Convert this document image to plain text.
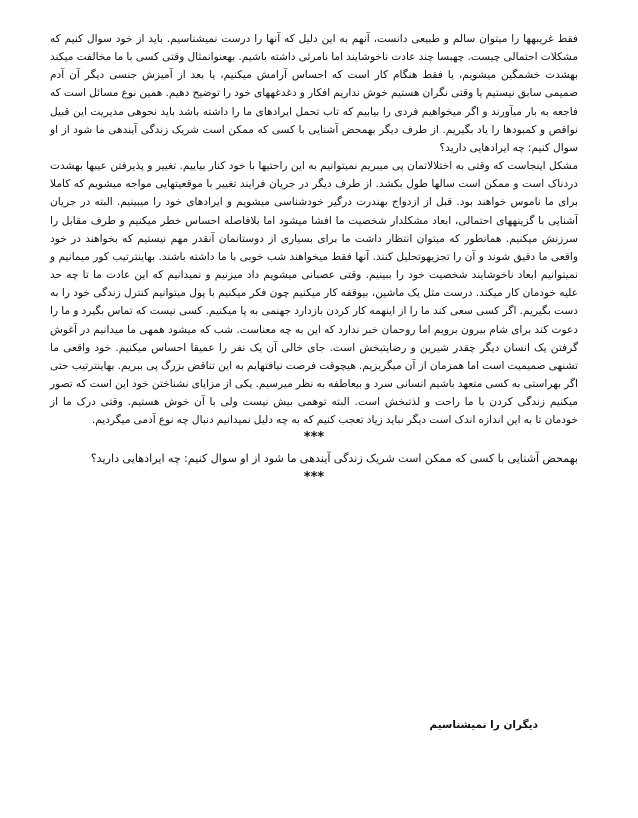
فقط غریبهها را میتوان سالم و طبیعی دانست، آنهم به این دلیل که آنها را درست نمیشناسیم. باید از خود سوال کنیم که مشکلات احتمالی چیست. چهبسا چند عادت ناخوشایند اما نامرئی داشته باشیم. بهعنوانمثال وقتی کسی با ما مخالفت میکند بهشدت خشمگین میشویم، یا فقط هنگام کار است که احساس آرامش میکنیم، یا بعد از آمیزش جنسی دیگر آن آدم صمیمی سابق نیستیم یا وقتی نگران هستیم خوش نداریم افکار و دغدغههای خود را توضیح دهیم. همین نوع مسائل است که فاجعه به بار میآورند و اگر میخواهیم فردی را بیابیم که تاب تحمل ایرادهای ما را داشته باشد باید نحوهی مدیریت این قبیل نواقص و کمبودها را یاد بگیریم. از طرف دیگر بهمحض آشنایی با کسی که ممکن است شریک زندگی آیندهی ما شود از او سوال کنیم: چه ایرادهایی دارید؟

مشکل اینجاست که وقتی به اختلالاتمان پی میبریم نمیتوانیم به این راحتیها با خود کنار بیاییم. تغییر و پذیرفتن عیبها بهشدت دردناک است و ممکن است سالها طول بکشد. از طرف دیگر در جریان فرایند تغییر با موقعیتهایی مواجه میشویم که کاملا برای ما ناموس خواهند بود. قبل از ازدواج بهندرت درگیر خودشناسی میشویم و ایرادهای خود را میبینیم. البته در جریان آشنایی با گزینههای احتمالی، ابعاد مشکلدار شخصیت ما افشا میشود اما بلافاصله احساس خطر میکنیم و طرف مقابل را سرزنش میکنیم. همانطور که میتوان انتظار داشت ما برای بسیاری از دوستانمان آنقدر مهم نیستیم که بخواهند در خود واقعی ما دقیق شوند و آن را تجزیهوتحلیل کنند. آنها فقط میخواهند شب خوبی با ما داشته باشند. بهاینترتیب کور میمانیم و نمیتوانیم ابعاد ناخوشایند شخصیت خود را ببینیم. وقتی عصبانی میشویم داد میزنیم و نمیدانیم که این عادت ما تا چه حد علیه خودمان کار میکند. درست مثل یک ماشین، بیوقفه کار میکنیم چون فکر میکنیم با پول میتوانیم کنترل زندگی خود را به دست بگیریم. اگر کسی سعی کند ما را از اینهمه کار کردن بازدارد جهنمی به پا میکنیم. کسی نیست که تماس بگیرد و ما را دعوت کند برای شام بیرون برویم اما روحمان خبر ندارد که این به چه معناست. شب که میشود همهی ما میدانیم در آغوش گرفتن یک انسان دیگر چقدر شیرین و رضایتبخش است. جای خالی آن یک نفر را عمیقا احساس میکنیم. خود واقعی ما تشنهی صمیمیت است اما همزمان از آن میگریزیم. هیچوقت فرصت نیافتهایم به این تناقض بزرگ پی ببریم. بهاینترتیب حتی اگر بهراستی به کسی متعهد باشیم انسانی سرد و بیعاطفه به نظر میرسیم. یکی از مزایای نشناختن خود این است که تصور میکنیم زندگی کردن با ما راحت و لذتبخش است. البته توهمی بیش نیست ولی با آن خوش هستیم. وقتی درک ما از خودمان تا به این اندازه اندک است دیگر نباید زیاد تعجب کنیم که به چه دلیل نمیدانیم دنبال چه نوع آدمی میگردیم.

***

بهمحض آشنایی با کسی که ممکن است شریک زندگی آیندهی ما شود از او سوال کنیم: چه ایرادهایی دارید؟

***

دیگران را نمیشناسیم
